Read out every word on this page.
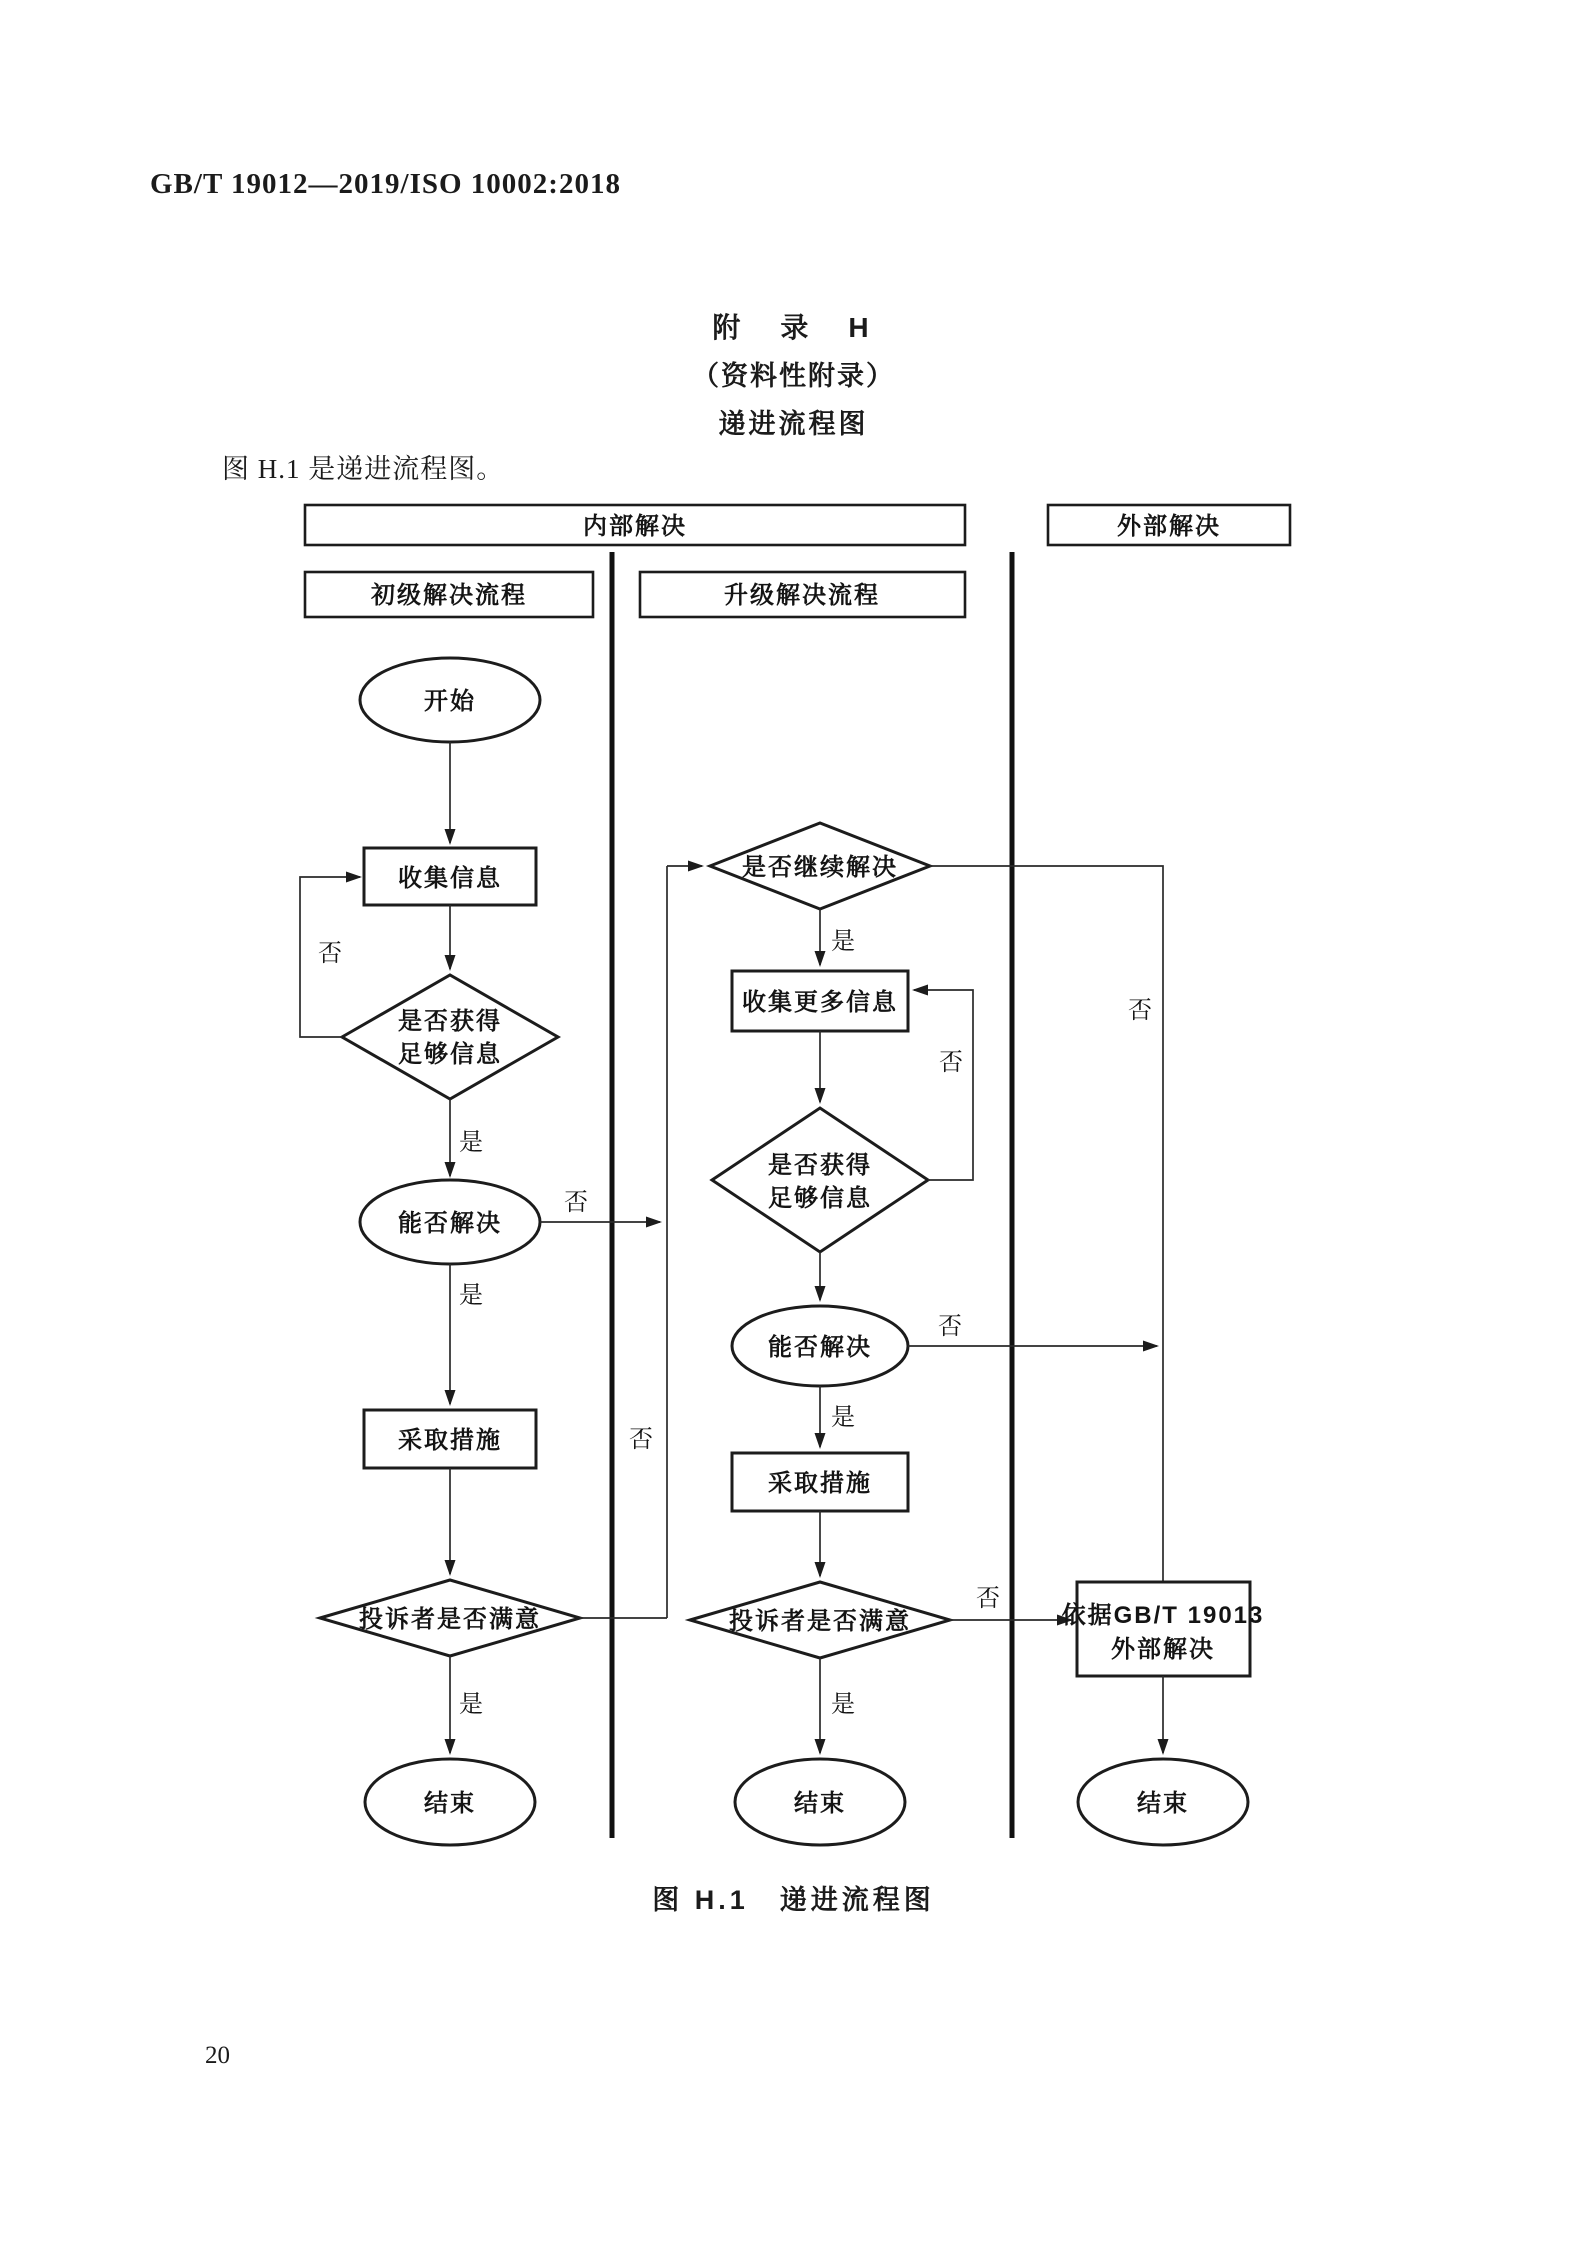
GB/T 19012—2019/ISO 10002:2018
附　录　H
（资料性附录）
递进流程图
图 H.1 是递进流程图。
内部解决	外部解决
初级解决流程	升级解决流程
开始
收集信息
是否获得
足够信息
否
是
能否解决
否
是
采取措施
投诉者是否满意
否
是
结束
是否继续解决
否
是
收集更多信息
是否获得
足够信息
否
能否解决
否
是
采取措施
投诉者是否满意
否
是
结束
依据GB/T 19013
外部解决
结束
图 H.1　递进流程图
20
